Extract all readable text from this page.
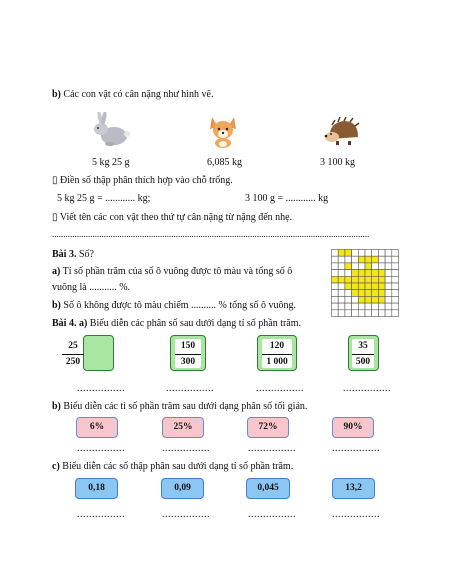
b) Các con vật có cân nặng như hình vẽ.
5 kg 25 g	6,085 kg	3 100 kg
▯ Điền số thập phân thích hợp vào chỗ trống.
5 kg 25 g = ............ kg;	3 100 g = ............ kg
▯ Viết tên các con vật theo thứ tự cân nặng từ nặng đến nhẹ.
.............................................................................................................................................
Bài 3. Số?
a) Tỉ số phần trăm của số ô vuông được tô màu và tổng số ô
vuông là ........... %.
b) Số ô không được tô màu chiếm .......... % tổng số ô vuông.
Bài 4. a) Biểu diễn các phân số sau dưới dạng tỉ số phần trăm.
25
250
150
300
120
1 000
35
500
................	................	................	................
b) Biểu diễn các tỉ số phần trăm sau dưới dạng phân số tối giản.
6%	25%	72%	90%
................	................	................	................
c) Biểu diễn các số thập phân sau dưới dạng tỉ số phần trăm.
0,18	0,09	0,045	13,2
................	................	................	................
